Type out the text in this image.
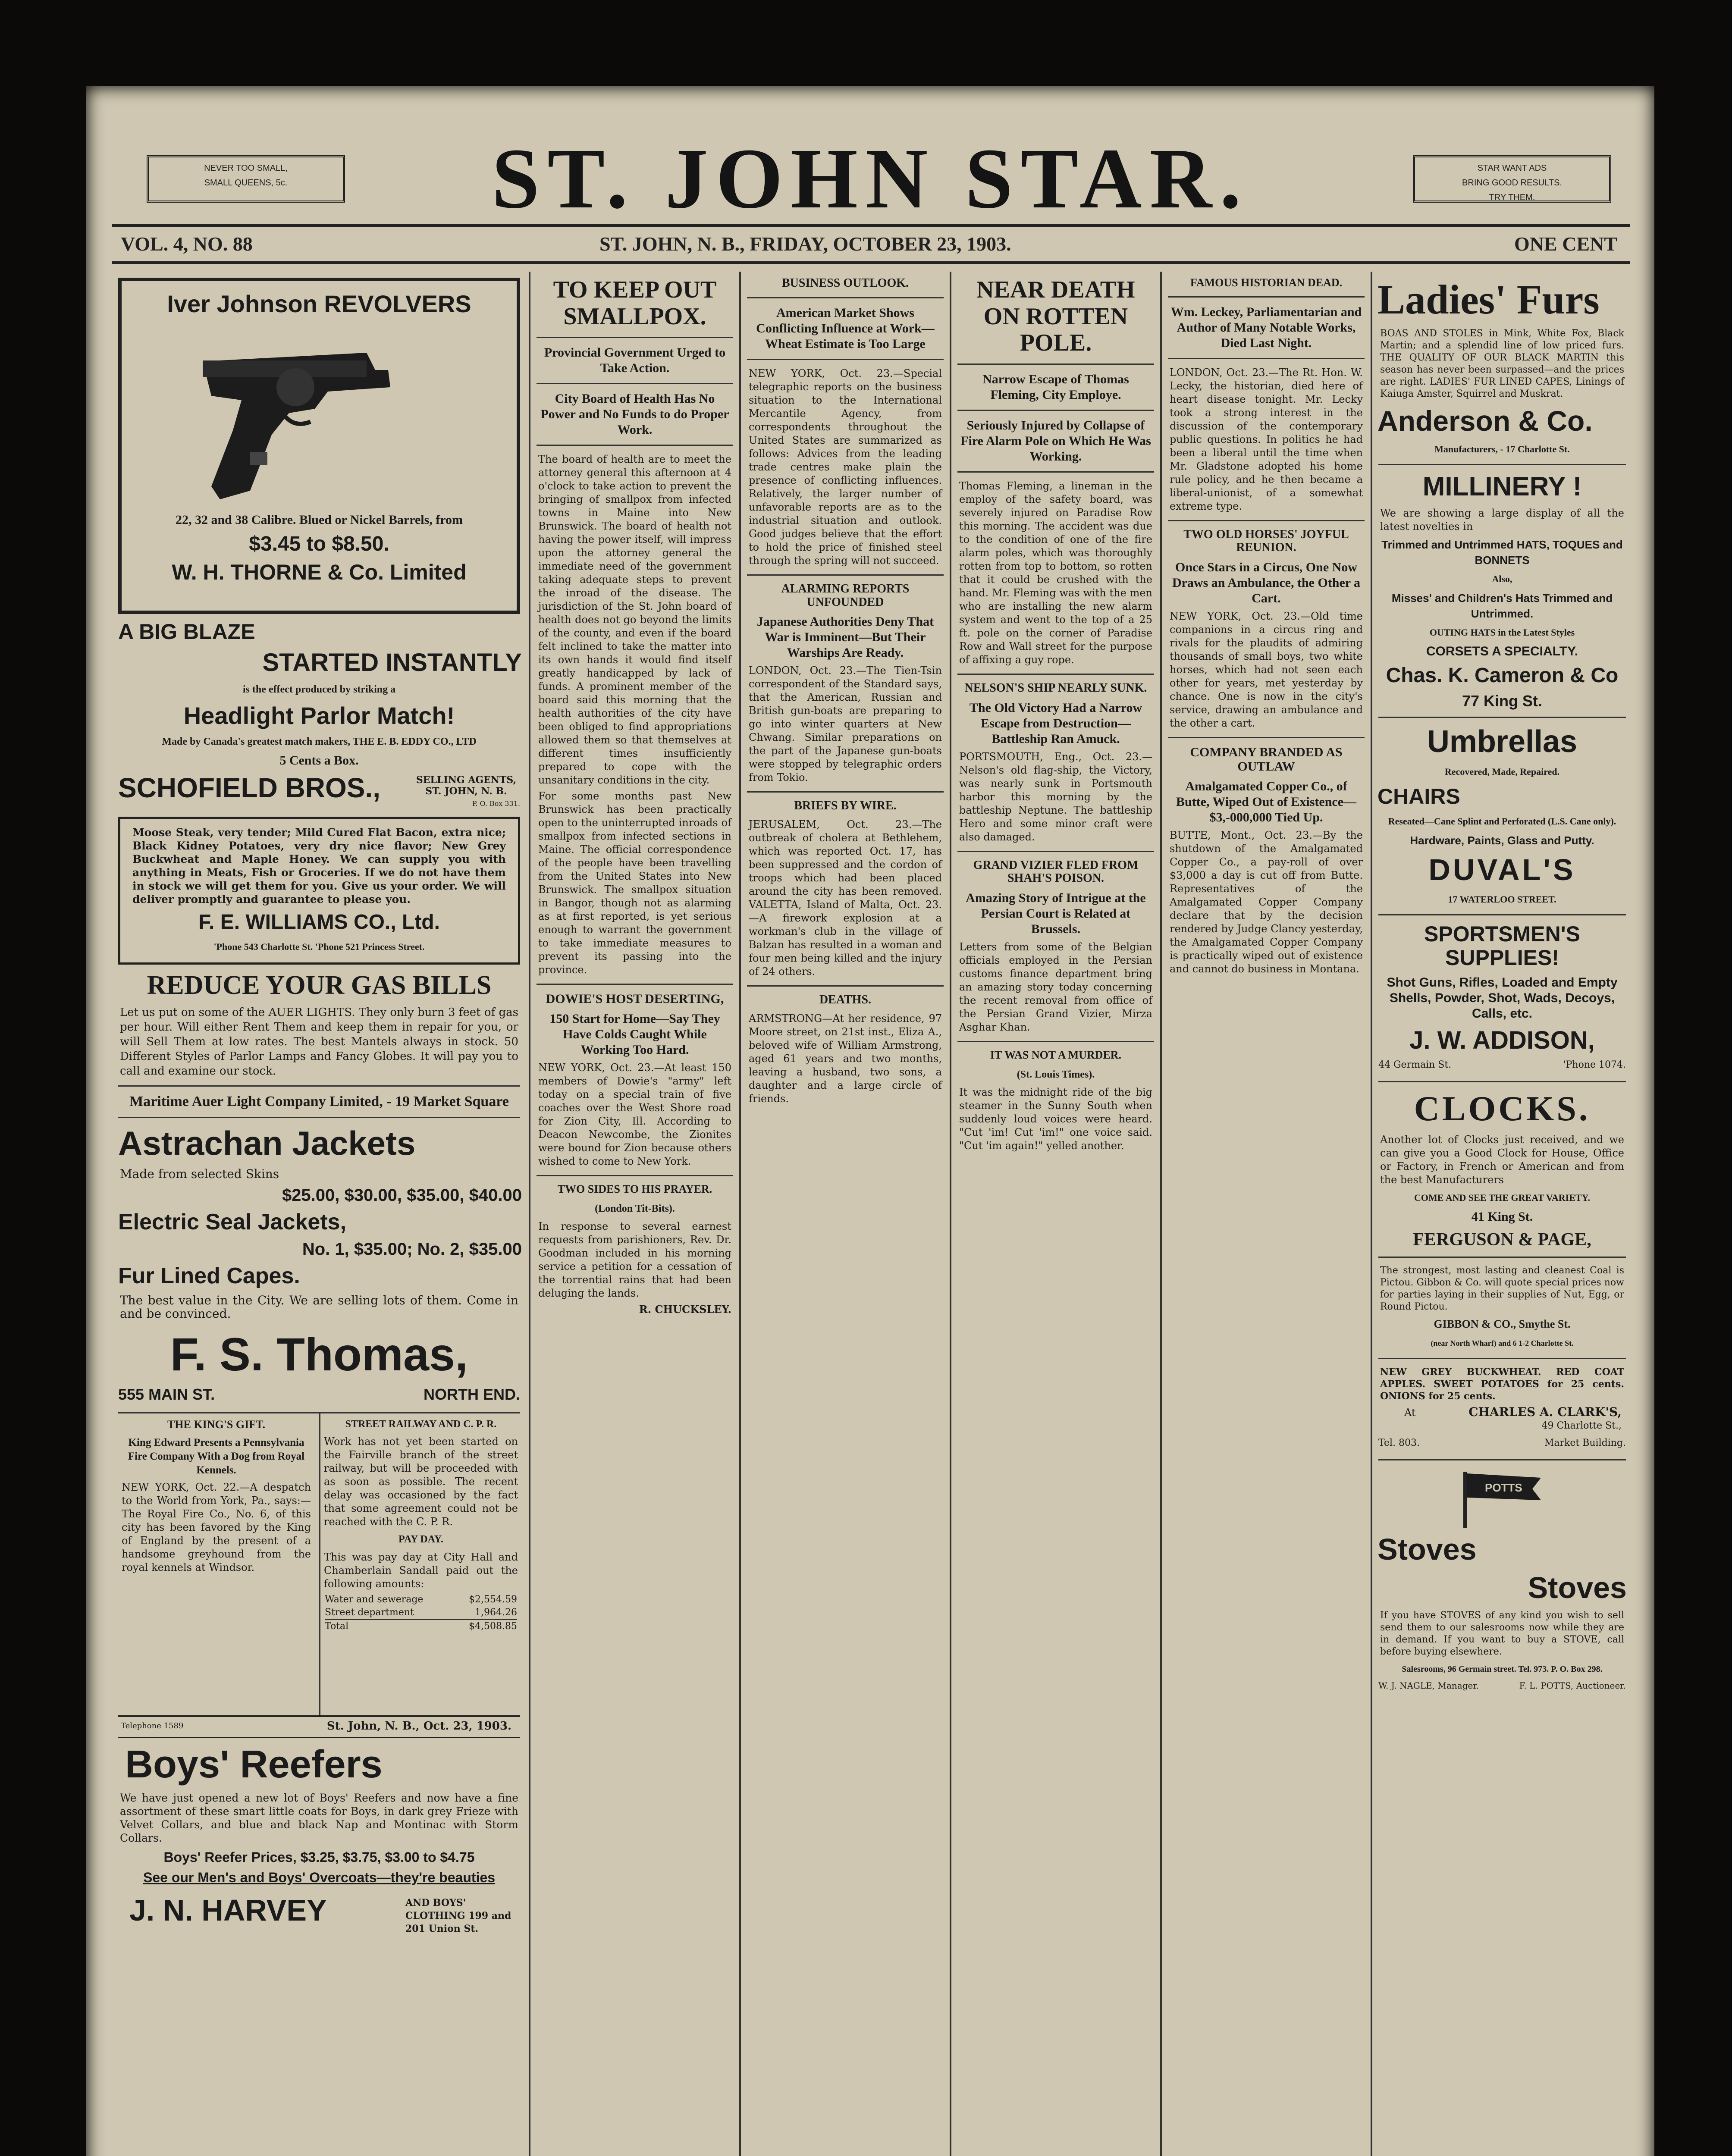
NEVER TOO SMALL,
SMALL QUEENS, 5c.	ST. JOHN STAR.	STAR WANT ADS
BRING GOOD RESULTS.
TRY THEM.
VOL. 4, NO. 88	ST. JOHN, N. B., FRIDAY, OCTOBER 23, 1903.	ONE CENT
Iver Johnson REVOLVERS
22, 32 and 38 Calibre. Blued or Nickel Barrels, from
$3.45 to $8.50.
W. H. THORNE & Co. Limited
A BIG BLAZE
STARTED INSTANTLY
is the effect produced by striking a
Headlight Parlor Match!
Made by Canada's greatest match makers, THE E. B. EDDY CO., LTD
5 Cents a Box.
SCHOFIELD BROS.,	SELLING AGENTS, ST. JOHN, N. B.
P. O. Box 331.
Moose Steak, very tender; Mild Cured Flat Bacon, extra nice; Black Kidney Potatoes, very dry nice flavor; New Grey Buckwheat and Maple Honey. We can supply you with anything in Meats, Fish or Groceries. If we do not have them in stock we will get them for you. Give us your order. We will deliver promptly and guarantee to please you.
F. E. WILLIAMS CO., Ltd.
'Phone 543 Charlotte St. 'Phone 521 Princess Street.
REDUCE YOUR GAS BILLS
Let us put on some of the AUER LIGHTS. They only burn 3 feet of gas per hour. Will either Rent Them and keep them in repair for you, or will Sell Them at low rates. The best Mantels always in stock. 50 Different Styles of Parlor Lamps and Fancy Globes. It will pay you to call and examine our stock.
Maritime Auer Light Company Limited, - 19 Market Square
Astrachan Jackets
Made from selected Skins
$25.00, $30.00, $35.00, $40.00
Electric Seal Jackets,
No. 1, $35.00; No. 2, $35.00
Fur Lined Capes.
The best value in the City. We are selling lots of them. Come in and be convinced.
F. S. Thomas,
555 MAIN ST.	NORTH END.
THE KING'S GIFT.
King Edward Presents a Pennsylvania Fire Company With a Dog from Royal Kennels.
NEW YORK, Oct. 22.—A despatch to the World from York, Pa., says:—The Royal Fire Co., No. 6, of this city has been favored by the King of England by the present of a handsome greyhound from the royal kennels at Windsor.
STREET RAILWAY AND C. P. R.
Work has not yet been started on the Fairville branch of the street railway, but will be proceeded with as soon as possible. The recent delay was occasioned by the fact that some agreement could not be reached with the C. P. R.
PAY DAY.
This was pay day at City Hall and Chamberlain Sandall paid out the following amounts:
Water and sewerage	$2,554.59
Street department	1,964.26
Total	$4,508.85
Telephone 1589	St. John, N. B., Oct. 23, 1903.
Boys' Reefers
We have just opened a new lot of Boys' Reefers and now have a fine assortment of these smart little coats for Boys, in dark grey Frieze with Velvet Collars, and blue and black Nap and Montinac with Storm Collars.
Boys' Reefer Prices, $3.25, $3.75, $3.00 to $4.75
See our Men's and Boys' Overcoats—they're beauties
J. N. HARVEY	AND BOYS' CLOTHING 199 and 201 Union St.
TO KEEP OUT SMALLPOX.
Provincial Government Urged to Take Action.
City Board of Health Has No Power and No Funds to do Proper Work.
The board of health are to meet the attorney general this afternoon at 4 o'clock to take action to prevent the bringing of smallpox from infected towns in Maine into New Brunswick. The board of health not having the power itself, will impress upon the attorney general the immediate need of the government taking adequate steps to prevent the inroad of the disease. The jurisdiction of the St. John board of health does not go beyond the limits of the county, and even if the board felt inclined to take the matter into its own hands it would find itself greatly handicapped by lack of funds. A prominent member of the board said this morning that the health authorities of the city have been obliged to find appropriations allowed them so that themselves at different times insufficiently prepared to cope with the unsanitary conditions in the city.
For some months past New Brunswick has been practically open to the uninterrupted inroads of smallpox from infected sections in Maine. The official correspondence of the people have been travelling from the United States into New Brunswick. The smallpox situation in Bangor, though not as alarming as at first reported, is yet serious enough to warrant the government to take immediate measures to prevent its passing into the province.
DOWIE'S HOST DESERTING,
150 Start for Home—Say They Have Colds Caught While Working Too Hard.
NEW YORK, Oct. 23.—At least 150 members of Dowie's "army" left today on a special train of five coaches over the West Shore road for Zion City, Ill. According to Deacon Newcombe, the Zionites were bound for Zion because others wished to come to New York.
TWO SIDES TO HIS PRAYER.
(London Tit-Bits).
In response to several earnest requests from parishioners, Rev. Dr. Goodman included in his morning service a petition for a cessation of the torrential rains that had been deluging the lands.
R. CHUCKSLEY.
BUSINESS OUTLOOK.
American Market Shows Conflicting Influence at Work—Wheat Estimate is Too Large
NEW YORK, Oct. 23.—Special telegraphic reports on the business situation to the International Mercantile Agency, from correspondents throughout the United States are summarized as follows: Advices from the leading trade centres make plain the presence of conflicting influences. Relatively, the larger number of unfavorable reports are as to the industrial situation and outlook. Good judges believe that the effort to hold the price of finished steel through the spring will not succeed.
ALARMING REPORTS UNFOUNDED
Japanese Authorities Deny That War is Imminent—But Their Warships Are Ready.
LONDON, Oct. 23.—The Tien-Tsin correspondent of the Standard says, that the American, Russian and British gun-boats are preparing to go into winter quarters at New Chwang. Similar preparations on the part of the Japanese gun-boats were stopped by telegraphic orders from Tokio.
BRIEFS BY WIRE.
JERUSALEM, Oct. 23.—The outbreak of cholera at Bethlehem, which was reported Oct. 17, has been suppressed and the cordon of troops which had been placed around the city has been removed. VALETTA, Island of Malta, Oct. 23.—A firework explosion at a workman's club in the village of Balzan has resulted in a woman and four men being killed and the injury of 24 others.
DEATHS.
ARMSTRONG—At her residence, 97 Moore street, on 21st inst., Eliza A., beloved wife of William Armstrong, aged 61 years and two months, leaving a husband, two sons, a daughter and a large circle of friends.
NEAR DEATH ON ROTTEN POLE.
Narrow Escape of Thomas Fleming, City Employe.
Seriously Injured by Collapse of Fire Alarm Pole on Which He Was Working.
Thomas Fleming, a lineman in the employ of the safety board, was severely injured on Paradise Row this morning. The accident was due to the condition of one of the fire alarm poles, which was thoroughly rotten from top to bottom, so rotten that it could be crushed with the hand. Mr. Fleming was with the men who are installing the new alarm system and went to the top of a 25 ft. pole on the corner of Paradise Row and Wall street for the purpose of affixing a guy rope.
NELSON'S SHIP NEARLY SUNK.
The Old Victory Had a Narrow Escape from Destruction—Battleship Ran Amuck.
PORTSMOUTH, Eng., Oct. 23.—Nelson's old flag-ship, the Victory, was nearly sunk in Portsmouth harbor this morning by the battleship Neptune. The battleship Hero and some minor craft were also damaged.
GRAND VIZIER FLED FROM SHAH'S POISON.
Amazing Story of Intrigue at the Persian Court is Related at Brussels.
Letters from some of the Belgian officials employed in the Persian customs finance department bring an amazing story today concerning the recent removal from office of the Persian Grand Vizier, Mirza Asghar Khan.
IT WAS NOT A MURDER.
(St. Louis Times).
It was the midnight ride of the big steamer in the Sunny South when suddenly loud voices were heard. "Cut 'im! Cut 'im!" one voice said. "Cut 'im again!" yelled another.
FAMOUS HISTORIAN DEAD.
Wm. Leckey, Parliamentarian and Author of Many Notable Works, Died Last Night.
LONDON, Oct. 23.—The Rt. Hon. W. Lecky, the historian, died here of heart disease tonight. Mr. Lecky took a strong interest in the discussion of the contemporary public questions. In politics he had been a liberal until the time when Mr. Gladstone adopted his home rule policy, and he then became a liberal-unionist, of a somewhat extreme type.
TWO OLD HORSES' JOYFUL REUNION.
Once Stars in a Circus, One Now Draws an Ambulance, the Other a Cart.
NEW YORK, Oct. 23.—Old time companions in a circus ring and rivals for the plaudits of admiring thousands of small boys, two white horses, which had not seen each other for years, met yesterday by chance. One is now in the city's service, drawing an ambulance and the other a cart.
COMPANY BRANDED AS OUTLAW
Amalgamated Copper Co., of Butte, Wiped Out of Existence—$3,-000,000 Tied Up.
BUTTE, Mont., Oct. 23.—By the shutdown of the Amalgamated Copper Co., a pay-roll of over $3,000 a day is cut off from Butte. Representatives of the Amalgamated Copper Company declare that by the decision rendered by Judge Clancy yesterday, the Amalgamated Copper Company is practically wiped out of existence and cannot do business in Montana.
Ladies' Furs
BOAS AND STOLES in Mink, White Fox, Black Martin; and a splendid line of low priced furs. THE QUALITY OF OUR BLACK MARTIN this season has never been surpassed—and the prices are right. LADIES' FUR LINED CAPES, Linings of Kaiuga Amster, Squirrel and Muskrat.
Anderson & Co.
Manufacturers, - 17 Charlotte St.
MILLINERY !
We are showing a large display of all the latest novelties in
Trimmed and Untrimmed HATS, TOQUES and BONNETS
Also,
Misses' and Children's Hats Trimmed and Untrimmed.
OUTING HATS in the Latest Styles
CORSETS A SPECIALTY.
Chas. K. Cameron & Co
77 King St.
Umbrellas
Recovered, Made, Repaired.
CHAIRS
Reseated—Cane Splint and Perforated (L.S. Cane only).
Hardware, Paints, Glass and Putty.
DUVAL'S
17 WATERLOO STREET.
SPORTSMEN'S SUPPLIES!
Shot Guns, Rifles, Loaded and Empty Shells, Powder, Shot, Wads, Decoys, Calls, etc.
J. W. ADDISON,
44 Germain St.	'Phone 1074.
CLOCKS.
Another lot of Clocks just received, and we can give you a Good Clock for House, Office or Factory, in French or American and from the best Manufacturers
COME AND SEE THE GREAT VARIETY.
41 King St.
FERGUSON & PAGE,
The strongest, most lasting and cleanest Coal is Pictou. Gibbon & Co. will quote special prices now for parties laying in their supplies of Nut, Egg, or Round Pictou.
GIBBON & CO., Smythe St.
(near North Wharf) and 6 1-2 Charlotte St.
NEW GREY BUCKWHEAT. RED COAT APPLES. SWEET POTATOES for 25 cents. ONIONS for 25 cents.
At	CHARLES A. CLARK'S,
49 Charlotte St.,
Tel. 803.	Market Building.
POTTS
Stoves
Stoves
If you have STOVES of any kind you wish to sell send them to our salesrooms now while they are in demand. If you want to buy a STOVE, call before buying elsewhere.
Salesrooms, 96 Germain street. Tel. 973. P. O. Box 298.
W. J. NAGLE, Manager.	F. L. POTTS, Auctioneer.
